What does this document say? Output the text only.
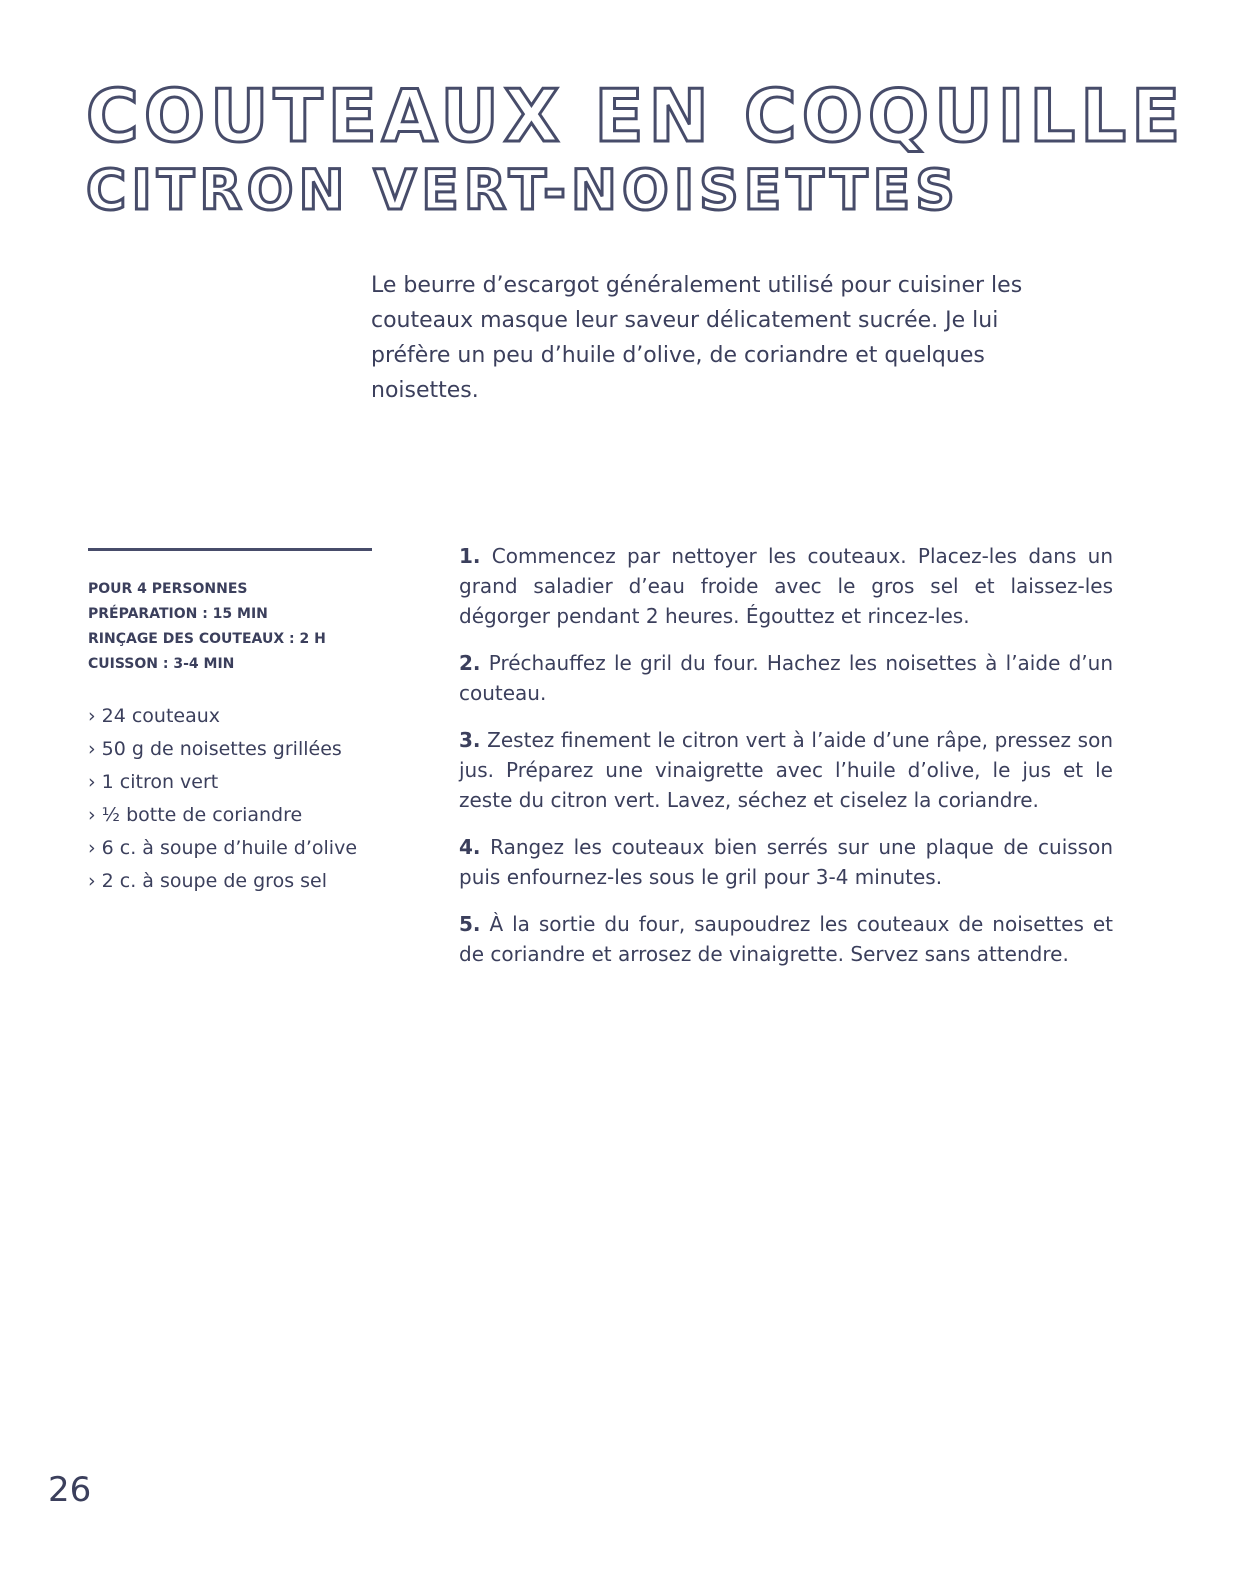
COUTEAUX EN COQUILLE
CITRON VERT-NOISETTES

Le beurre d’escargot généralement utilisé pour cuisiner les couteaux masque leur saveur délicatement sucrée. Je lui préfère un peu d’huile d’olive, de coriandre et quelques noisettes.

POUR 4 PERSONNES
PRÉPARATION : 15 MIN
RINÇAGE DES COUTEAUX : 2 H
CUISSON : 3-4 MIN
› 24 couteaux
› 50 g de noisettes grillées
› 1 citron vert
› ½ botte de coriandre
› 6 c. à soupe d’huile d’olive
› 2 c. à soupe de gros sel
1. Commencez par nettoyer les couteaux. Placez-les dans un grand saladier d’eau froide avec le gros sel et laissez-les dégorger pendant 2 heures. Égouttez et rincez-les.
2. Préchauffez le gril du four. Hachez les noisettes à l’aide d’un couteau.
3. Zestez finement le citron vert à l’aide d’une râpe, pressez son jus. Préparez une vinaigrette avec l’huile d’olive, le jus et le zeste du citron vert. Lavez, séchez et ciselez la coriandre.
4. Rangez les couteaux bien serrés sur une plaque de cuisson puis enfournez-les sous le gril pour 3-4 minutes.
5. À la sortie du four, saupoudrez les couteaux de noisettes et de coriandre et arrosez de vinaigrette. Servez sans attendre.

26
